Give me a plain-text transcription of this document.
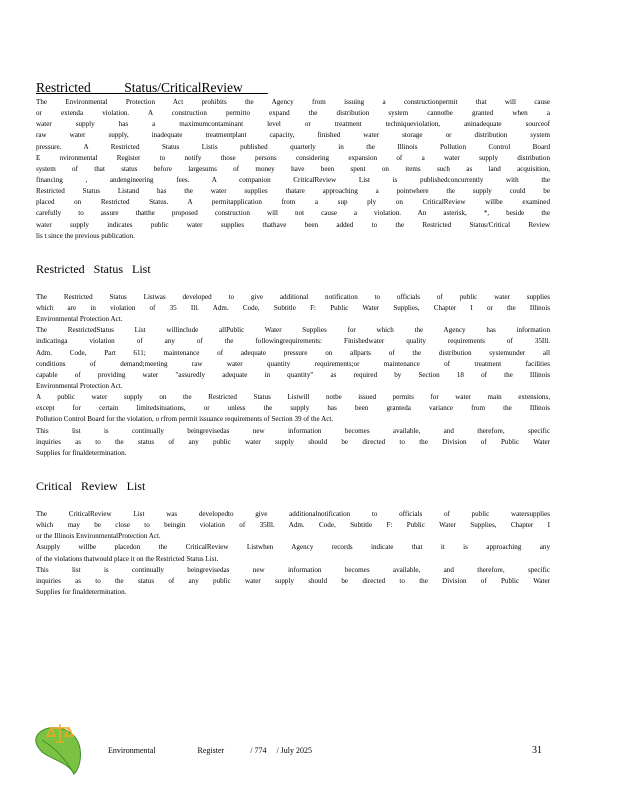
Restricted    Status/CriticalReview
The Environmental Protection Act prohibits the Agency from issuing a constructionpermit that will cause
or extenda violation. A construction permitto expand the distribution system cannotbe granted when a
water supply has a maximumcontaminant level or treatment techniqueviolation, aninadequate sourceof
raw water supply, inadequate treatmentplant capacity, finished water storage or distribution system
pressure. A Restricted Status Listis published quarterly in the Illinois Pollution Control Board
E nvironmental Register to notify those persons considering expansion of a water supply distribution
system of that status before largesums of money have been spent on items such as land acquisition,
financing , andengineering fees. A companion CriticalReview List is publishedconcurrently with the
Restricted Status Listand has the water supplies thatare approaching a pointwhere the supply could be
placed on Restricted Status. A permitapplication from a sup ply on CriticalReview willbe examined
carefully to assure thatthe proposed construction will not cause a violation. An asterisk, *, beside the
water supply indicates public water supplies thathave been added to the Restricted Status/Critical Review
lis t since the previous publication.
Restricted Status List
The Restricted Status Listwas developed to give additional notification to officials of public water supplies
which are in violation of 35 Ill. Adm. Code, Subtitle F: Public Water Supplies, Chapter I or the Illinois
Environmental Protection Act.
The RestrictedStatus List willinclude allPublic Water Supplies for which the Agency has information
indicatinga violation of any of the followingrequirements: Finishedwater quality requirements of 35Ill.
Adm. Code, Part 611; maintenance of adequate pressure on allparts of the distribution systemunder all
conditions of demand;meeting raw water quantity requirements;or maintenance of treatment facilities
capable of providing water "assuredly adequate in quantity" as required by Section 18 of the Illinois
Environmental Protection Act.
A public water supply on the Restricted Status Listwill notbe issued permits for water main extensions,
except for certain limitedsituations, or unless the supply has been granteda variance from the Illinois
Pollution Control Board for the violation, o rfrom permit issuance requirements of Section 39 of the Act.
This list is continually beingrevisedas new information becomes available, and therefore, specific
inquiries as to the status of any public water supply should be directed to the Division of Public Water
Supplies for finaldetermination.
Critical Review List
The CriticalReview List was developedto give additionalnotification to officials of public watersupplies
which may be close to beingin violation of 35Ill. Adm. Code, Subtitle F: Public Water Supplies, Chapter I
or the Illinois EnvironmentalProtection Act.
Asupply willbe placedon the CriticalReview Listwhen Agency records indicate that it is approaching any
of the violations thatwould place it on the Restricted Status List.
This list is continually beingrevisedas new information becomes available, and therefore, specific
inquiries as to the status of any public water supply should be directed to the Division of Public Water
Supplies for finaldetermination.
Environmental	Register	/ 774 / July 2025	31
